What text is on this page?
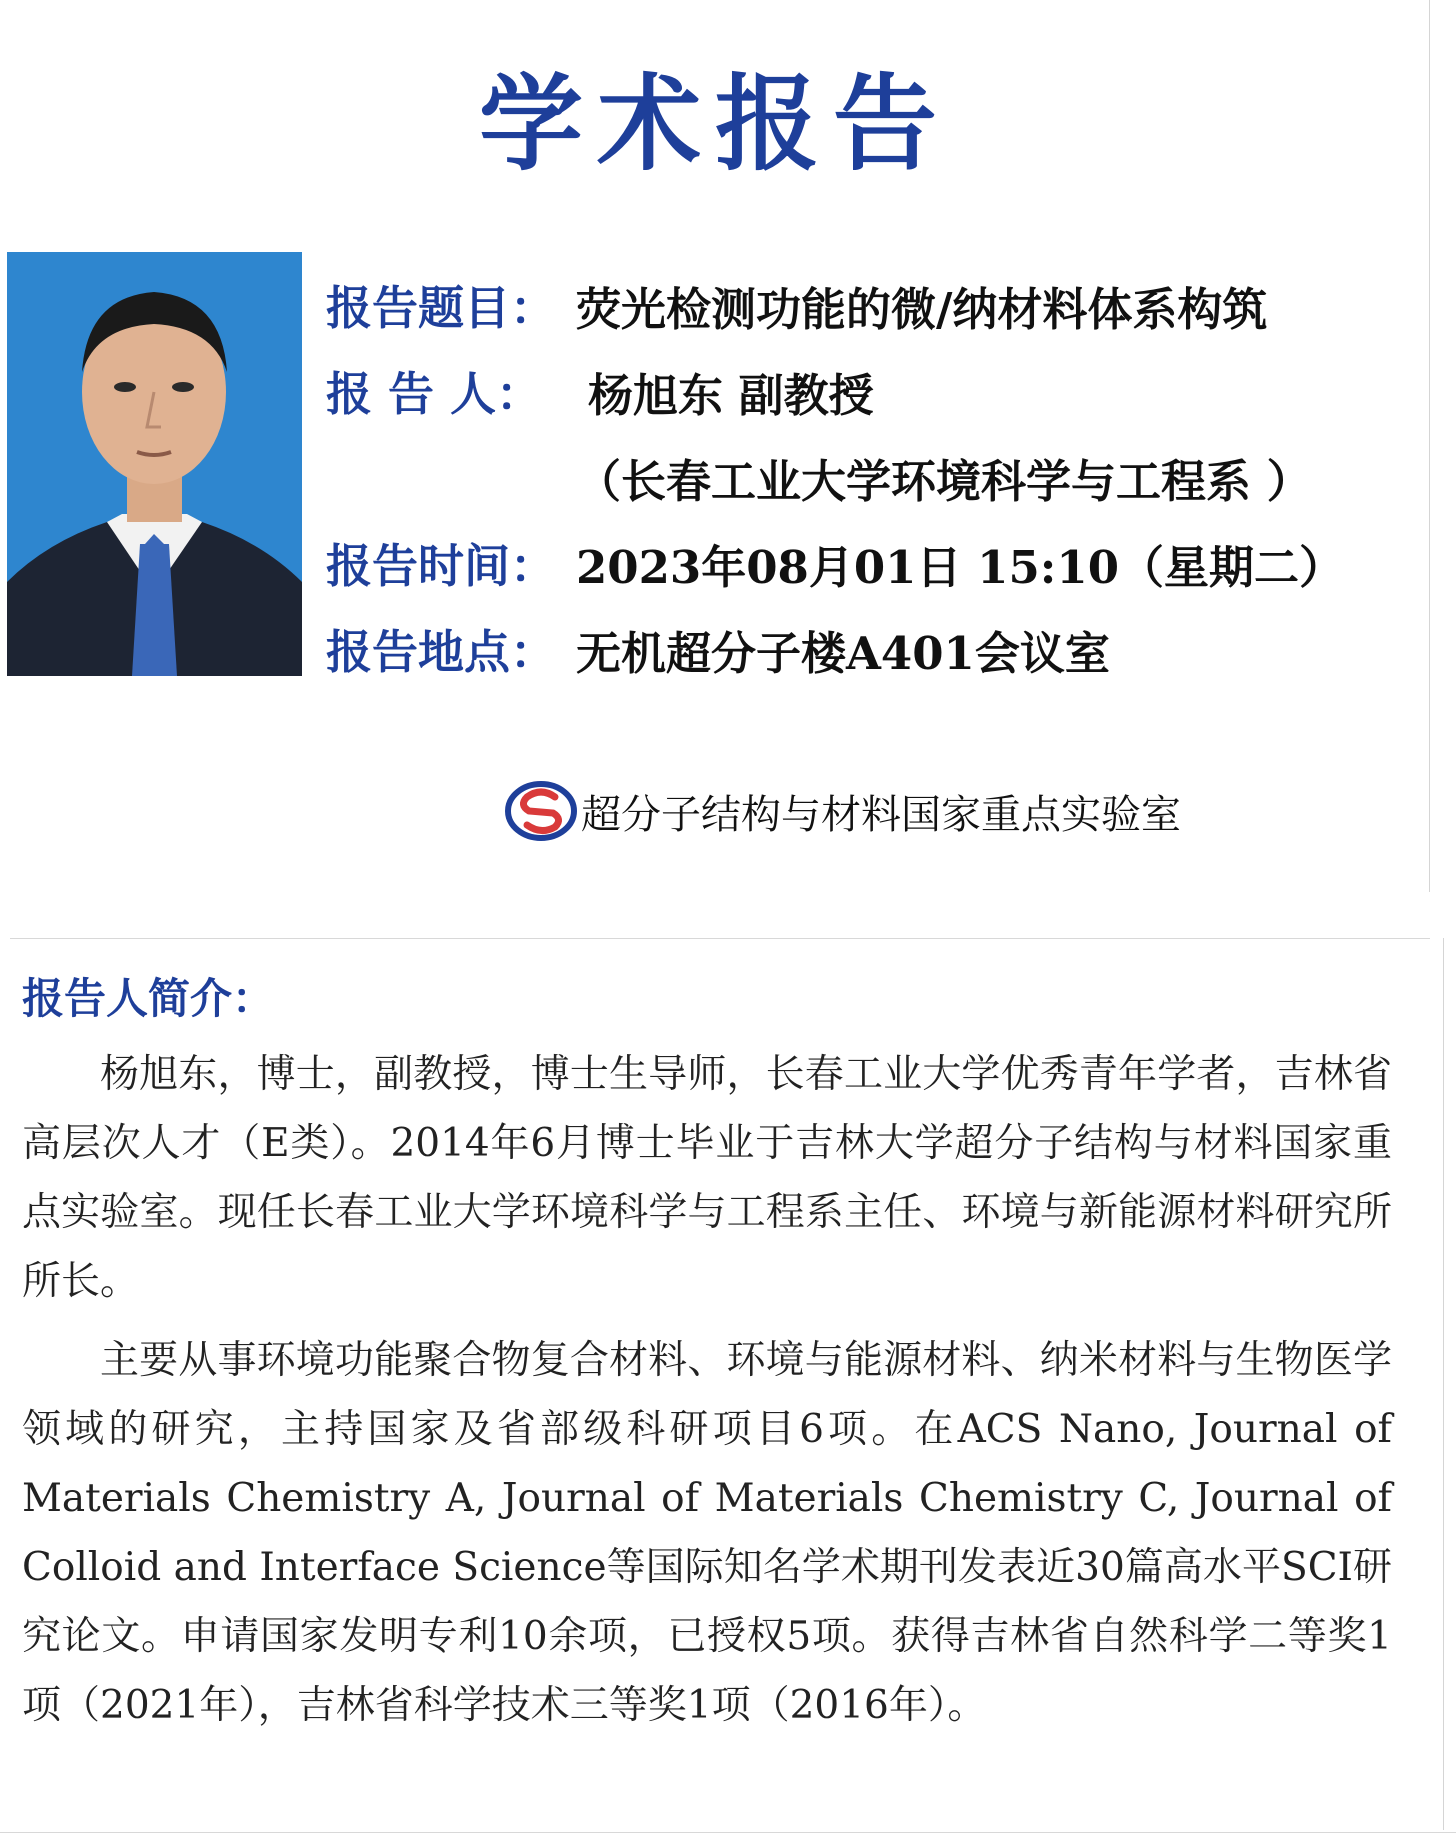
学术报告
报告题目： 荧光检测功能的微/纳材料体系构筑
报 告 人：	杨旭东 副教授
（长春工业大学环境科学与工程系 ）
报告时间： 2023年08月01日 15:10（星期二）
报告地点： 无机超分子楼A401会议室
超分子结构与材料国家重点实验室
报告人简介：

杨旭东，博士，副教授，博士生导师，长春工业大学优秀青年学者，吉林省高层次人才（E类）。2014年6月博士毕业于吉林大学超分子结构与材料国家重点实验室。现任长春工业大学环境科学与工程系主任、环境与新能源材料研究所所长。

主要从事环境功能聚合物复合材料、环境与能源材料、纳米材料与生物医学领域的研究，主持国家及省部级科研项目6项。在ACS Nano, Journal of Materials Chemistry A, Journal of Materials Chemistry C, Journal of Colloid and Interface Science等国际知名学术期刊发表近30篇高水平SCI研究论文。申请国家发明专利10余项，已授权5项。获得吉林省自然科学二等奖1项（2021年），吉林省科学技术三等奖1项（2016年）。
